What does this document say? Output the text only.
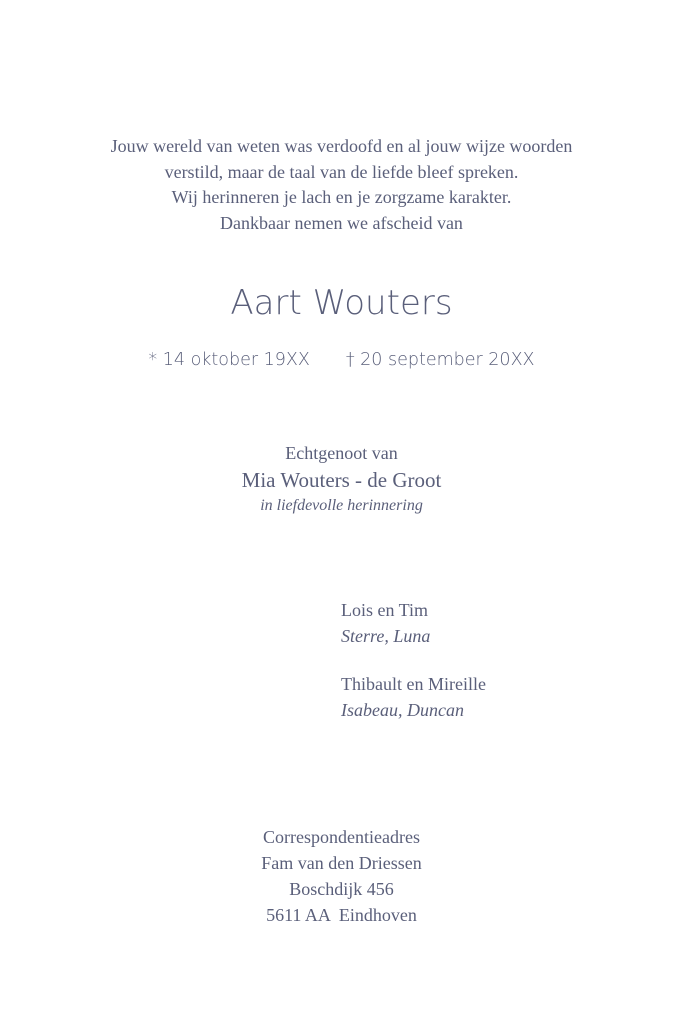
Jouw wereld van weten was verdoofd en al jouw wijze woorden
verstild, maar de taal van de liefde bleef spreken.
Wij herinneren je lach en je zorgzame karakter.
Dankbaar nemen we afscheid van
Aart Wouters
* 14 oktober 19XX † 20 september 20XX
Echtgenoot van
Mia Wouters - de Groot
in liefdevolle herinnering
Lois en Tim
Sterre, Luna
Thibault en Mireille
Isabeau, Duncan
Correspondentieadres
Fam van den Driessen
Boschdijk 456
5611 AA  Eindhoven
